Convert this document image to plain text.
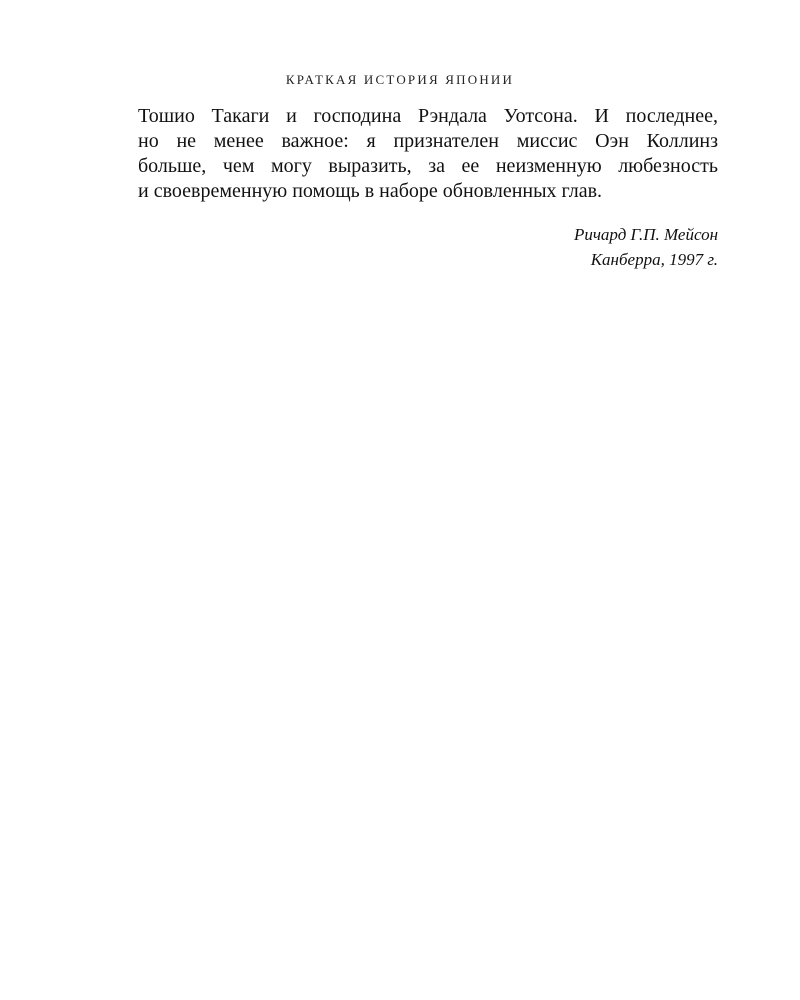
КРАТКАЯ ИСТОРИЯ ЯПОНИИ
Тошио Такаги и господина Рэндала Уотсона. И последнее,
но не менее важное: я признателен миссис Оэн Коллинз
больше, чем могу выразить, за ее неизменную любезность
и своевременную помощь в наборе обновленных глав.
Ричард Г.П. Мейсон
Канберра, 1997 г.
